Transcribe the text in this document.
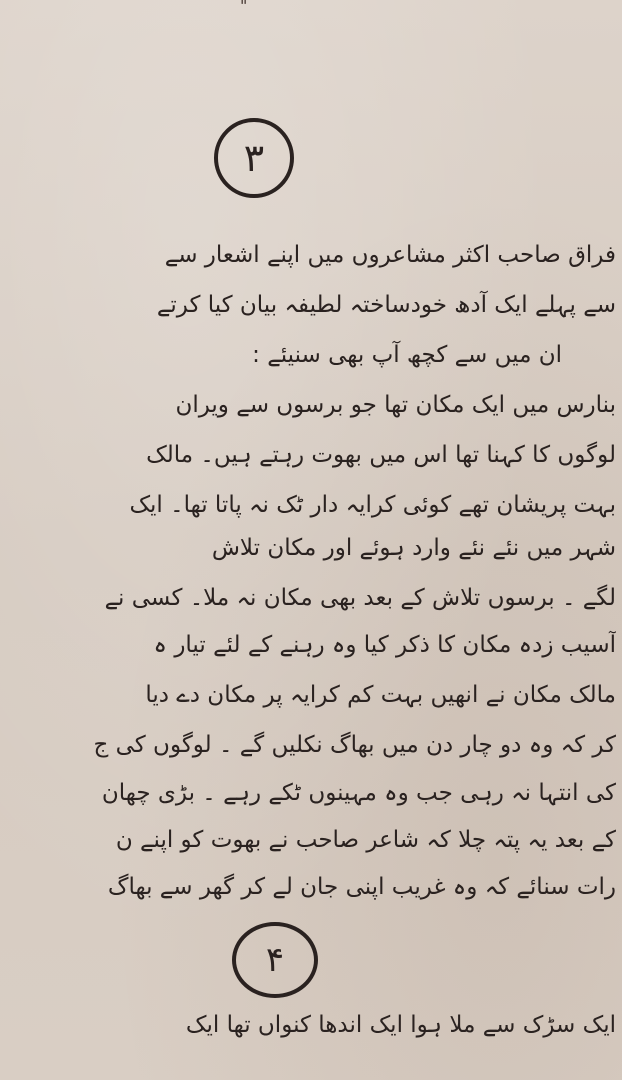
"
٣
فراق صاحب اکثر مشاعروں میں اپنے اشعار سے
سے پہلے ایک آدھ خودساختہ لطیفہ بیان کیا کرتے
ان میں سے کچھ آپ بھی سنیئے :
بنارس میں ایک مکان تھا جو برسوں سے ویران
لوگوں کا کہنا تھا اس میں بھوت رہتے ہیں۔ مالک
بہت پریشان تھے کوئی کرایہ دار ٹک نہ پاتا تھا۔ ایک
شہر میں نئے نئے وارد ہوئے اور مکان تلاش
لگے ۔ برسوں تلاش کے بعد بھی مکان نہ ملا۔ کسی نے
آسیب زدہ مکان کا ذکر کیا وہ رہنے کے لئے تیار ہ
مالک مکان نے انھیں بہت کم کرایہ پر مکان دے دیا
کر کہ وہ دو چار دن میں بھاگ نکلیں گے ۔ لوگوں کی ج
کی انتہا نہ رہی جب وہ مہینوں ٹکے رہے ۔ بڑی چھان
کے بعد یہ پتہ چلا کہ شاعر صاحب نے بھوت کو اپنے ن
رات سنائے کہ وہ غریب اپنی جان لے کر گھر سے بھاگ
۴
ایک سڑک سے ملا ہوا ایک اندھا کنواں تھا ایک
